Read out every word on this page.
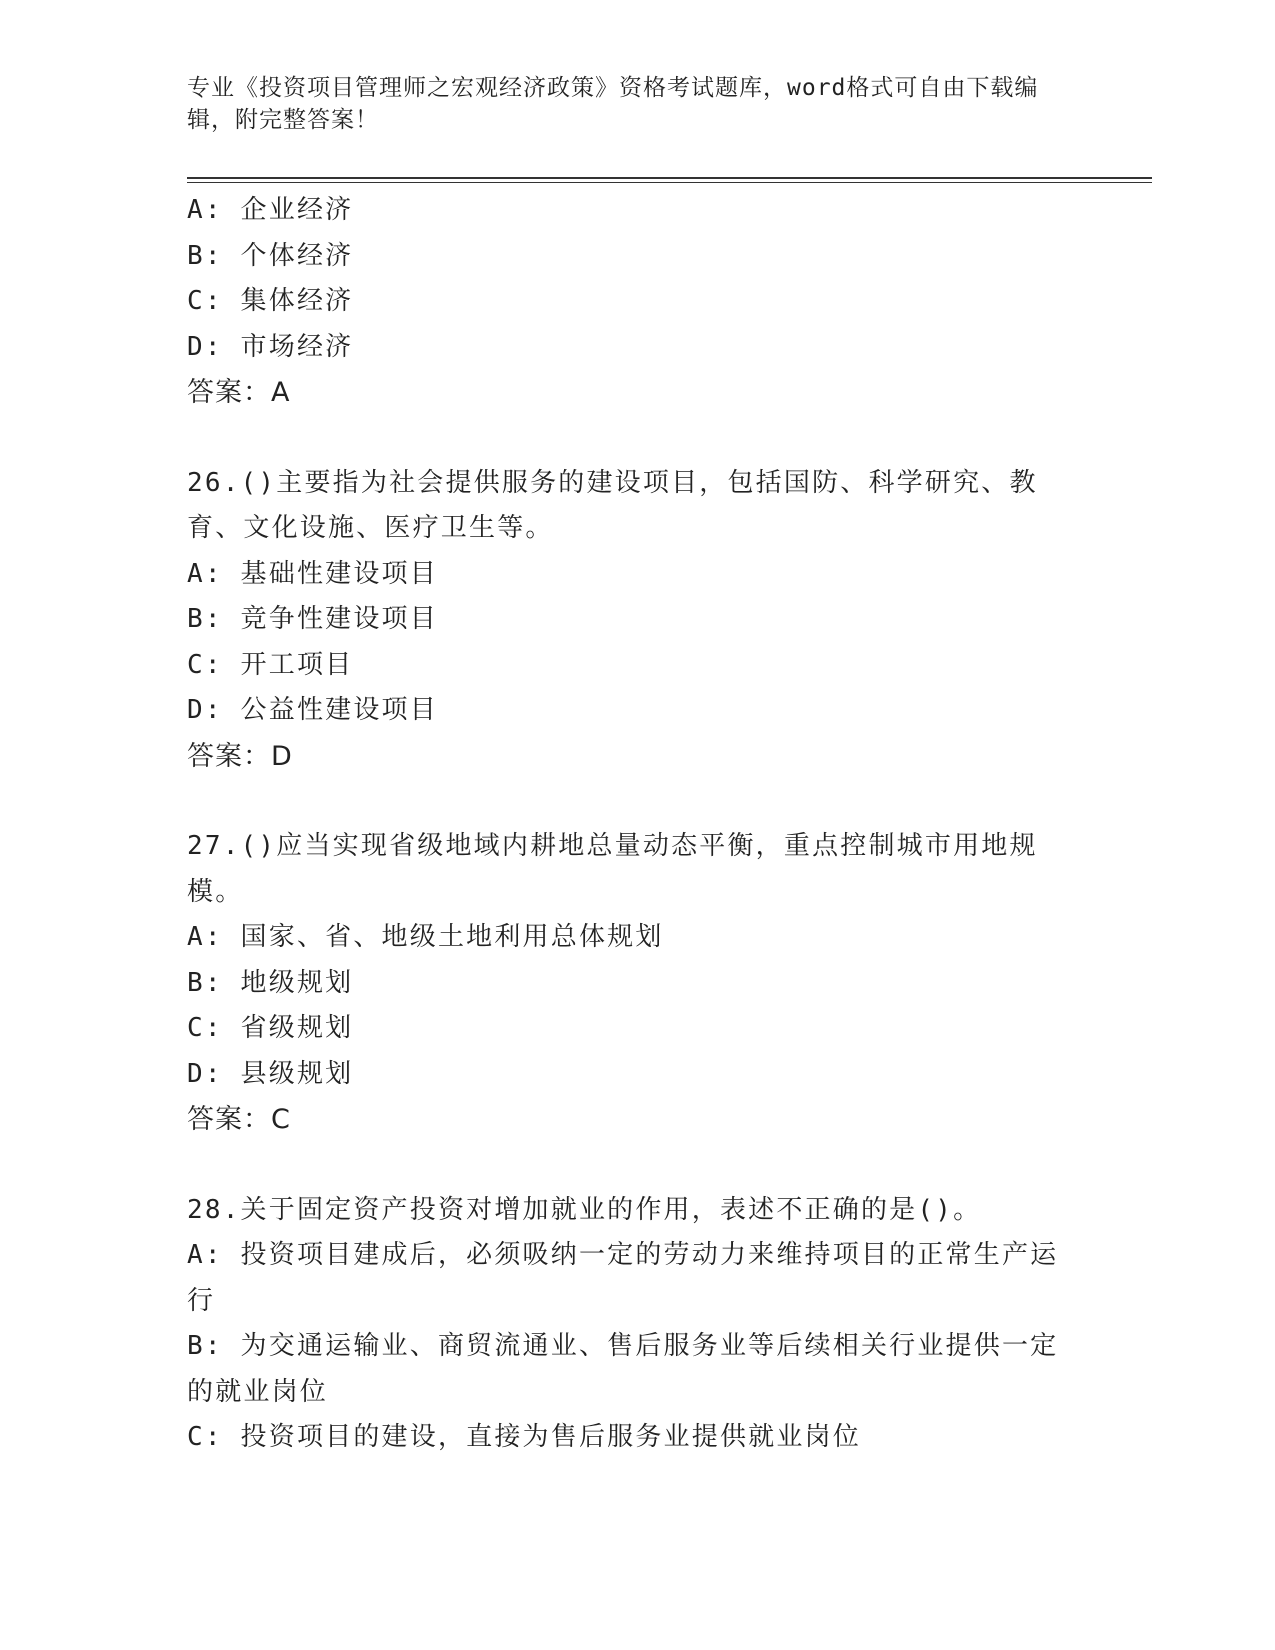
专业《投资项目管理师之宏观经济政策》资格考试题库，word格式可自由下载编辑，附完整答案！
A: 企业经济
B: 个体经济
C: 集体经济
D: 市场经济
答案：A
26.()主要指为社会提供服务的建设项目，包括国防、科学研究、教育、文化设施、医疗卫生等。
A: 基础性建设项目
B: 竞争性建设项目
C: 开工项目
D: 公益性建设项目
答案：D
27.()应当实现省级地域内耕地总量动态平衡，重点控制城市用地规模。
A: 国家、省、地级土地利用总体规划
B: 地级规划
C: 省级规划
D: 县级规划
答案：C
28.关于固定资产投资对增加就业的作用，表述不正确的是()。
A: 投资项目建成后，必须吸纳一定的劳动力来维持项目的正常生产运行
B: 为交通运输业、商贸流通业、售后服务业等后续相关行业提供一定的就业岗位
C: 投资项目的建设，直接为售后服务业提供就业岗位
